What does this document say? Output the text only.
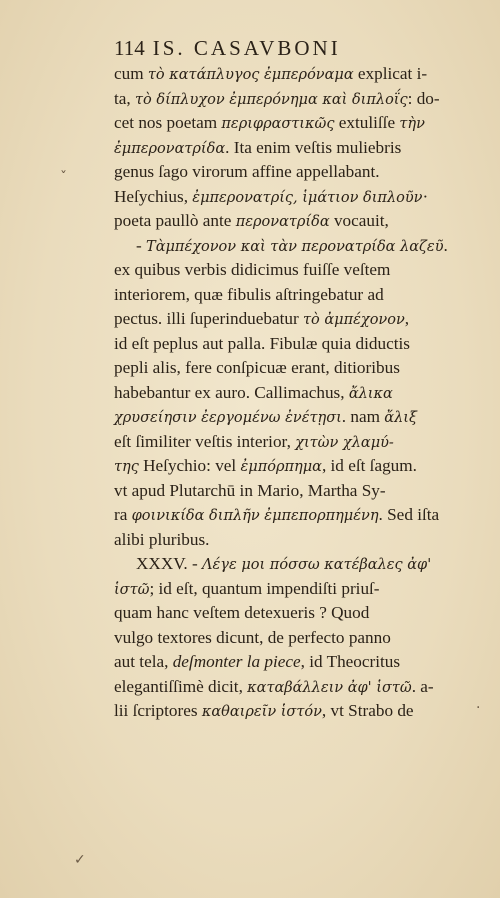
114 IS. CASAVBONI
cum τὸ κατάπλυγος ἐμπερόναμα explicat i-
ta, τὸ δίπλυχον ἐμπερόνημα καὶ διπλοΐς: do-
cet nos poetam περιφραστικῶς extuliſſe τὴν
ἐμπερονατρίδα. Ita enim veſtis muliebris
genus ſago virorum affine appellabant.
Heſychius, ἐμπερονατρίς, ἱμάτιον διπλοῦν·
poeta paullò ante περονατρίδα vocauit,
- Τὰμπέχονον καὶ τὰν περονατρίδα λαζεῦ.
ex quibus verbis didicimus fuiſſe veſtem
interiorem, quæ fibulis aſtringebatur ad
pectus. illi ſuperinduebatur τὸ ἀμπέχονον,
id eſt peplus aut palla. Fibulæ quia diductis
pepli alis, fere conſpicuæ erant, ditioribus
habebantur ex auro. Callimachus, ἄλικα
χρυσείησιν ἐεργομένω ἐνέτῃσι. nam ἄλιξ
eſt ſimiliter veſtis interior, χιτὼν χλαμύ-
της Heſychio: vel ἐμπόρπημα, id eſt ſagum.
vt apud Plutarchū in Mario, Martha Sy-
ra φοινικίδα διπλῆν ἐμπεπορπημένη. Sed iſta
alibi pluribus.
XXXV. - Λέγε μοι πόσσω κατέβαλες ἀφ'
ἱστῶ; id eſt, quantum impendiſti priuſ-
quam hanc veſtem detexueris ? Quod
vulgo textores dicunt, de perfecto panno
aut tela, deſmonter la piece, id Theocritus
elegantiſſimè dicit, καταβάλλειν ἀφ' ἱστῶ. a-
lii ſcriptores καθαιρεῖν ἱστόν, vt Strabo de
ˇ
✓
·
